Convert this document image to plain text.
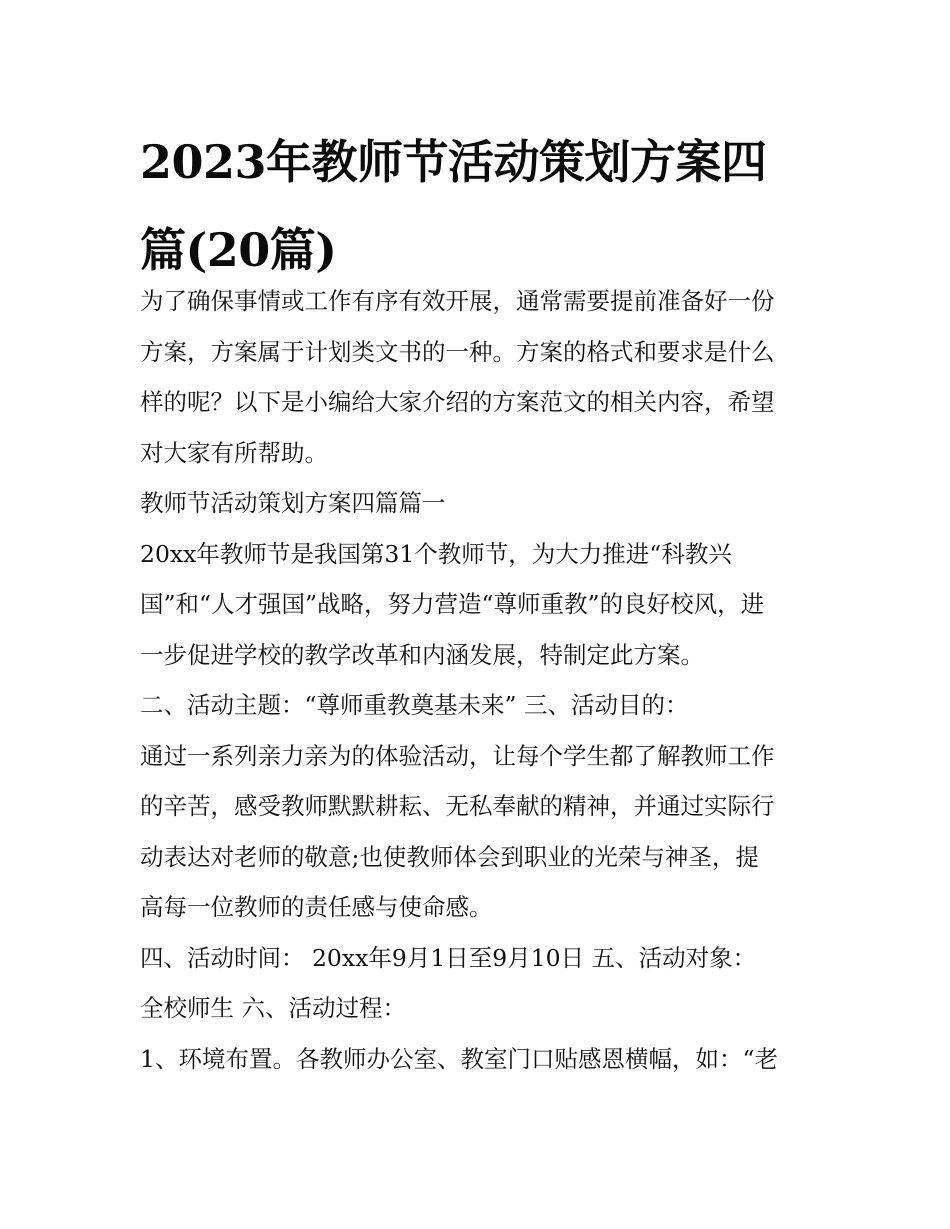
2023年教师节活动策划方案四
篇(20篇)
为了确保事情或工作有序有效开展，通常需要提前准备好一份
方案，方案属于计划类文书的一种。方案的格式和要求是什么
样的呢？以下是小编给大家介绍的方案范文的相关内容，希望
对大家有所帮助。
教师节活动策划方案四篇篇一
20xx年教师节是我国第31个教师节，为大力推进“科教兴
国”和“人才强国”战略，努力营造“尊师重教”的良好校风，进
一步促进学校的教学改革和内涵发展，特制定此方案。
二、活动主题：“尊师重教奠基未来” 三、活动目的：
通过一系列亲力亲为的体验活动，让每个学生都了解教师工作
的辛苦，感受教师默默耕耘、无私奉献的精神，并通过实际行
动表达对老师的敬意;也使教师体会到职业的光荣与神圣，提
高每一位教师的责任感与使命感。
四、活动时间： 20xx年9月1日至9月10日 五、活动对象：
全校师生 六、活动过程：
1、环境布置。各教师办公室、教室门口贴感恩横幅，如：“老
